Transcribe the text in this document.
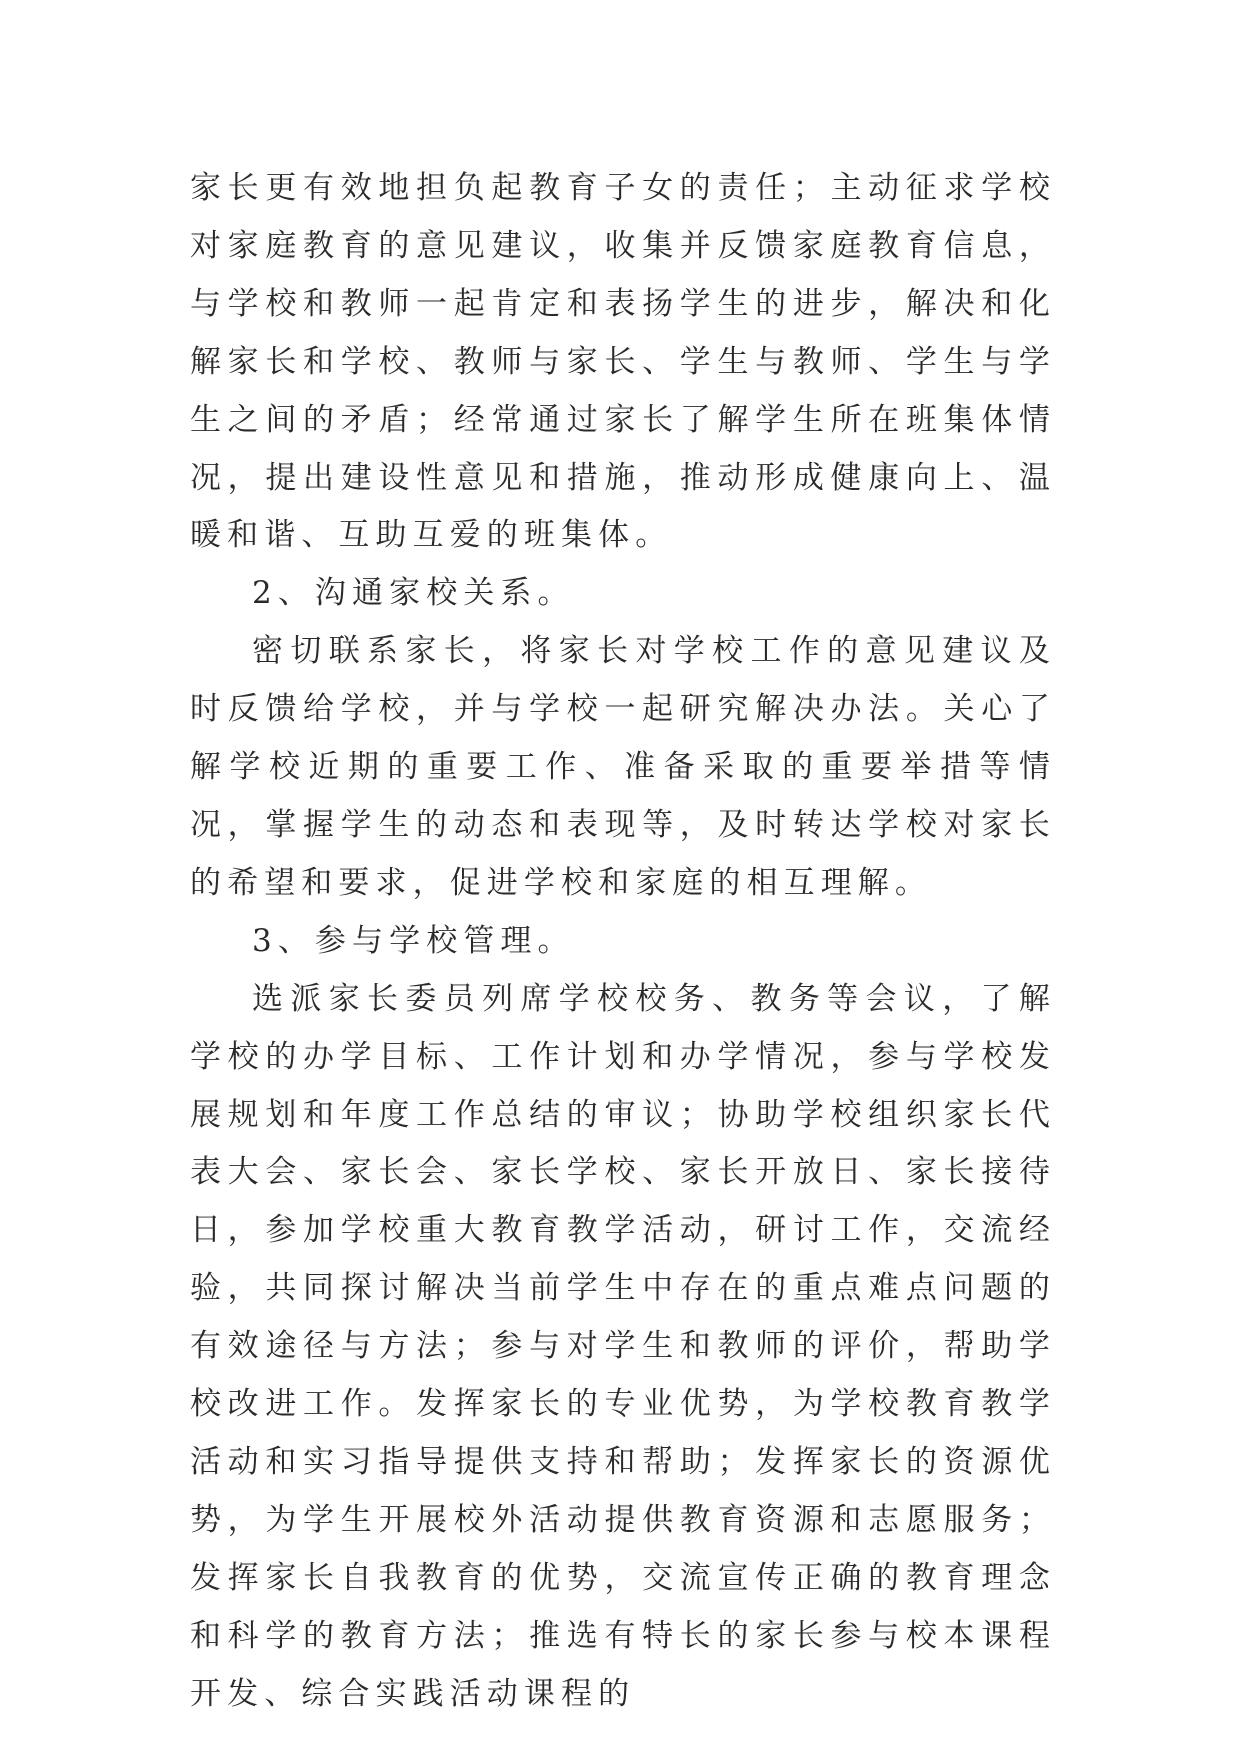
家长更有效地担负起教育子女的责任；主动征求学校对家庭教育的意见建议，收集并反馈家庭教育信息，与学校和教师一起肯定和表扬学生的进步，解决和化解家长和学校、教师与家长、学生与教师、学生与学生之间的矛盾；经常通过家长了解学生所在班集体情况，提出建设性意见和措施，推动形成健康向上、温暖和谐、互助互爱的班集体。

2、沟通家校关系。

密切联系家长，将家长对学校工作的意见建议及时反馈给学校，并与学校一起研究解决办法。关心了解学校近期的重要工作、准备采取的重要举措等情况，掌握学生的动态和表现等，及时转达学校对家长的希望和要求，促进学校和家庭的相互理解。

3、参与学校管理。

选派家长委员列席学校校务、教务等会议，了解学校的办学目标、工作计划和办学情况，参与学校发展规划和年度工作总结的审议；协助学校组织家长代表大会、家长会、家长学校、家长开放日、家长接待日，参加学校重大教育教学活动，研讨工作，交流经验，共同探讨解决当前学生中存在的重点难点问题的有效途径与方法；参与对学生和教师的评价，帮助学校改进工作。发挥家长的专业优势，为学校教育教学活动和实习指导提供支持和帮助；发挥家长的资源优势，为学生开展校外活动提供教育资源和志愿服务；发挥家长自我教育的优势，交流宣传正确的教育理念和科学的教育方法；推选有特长的家长参与校本课程开发、综合实践活动课程的
